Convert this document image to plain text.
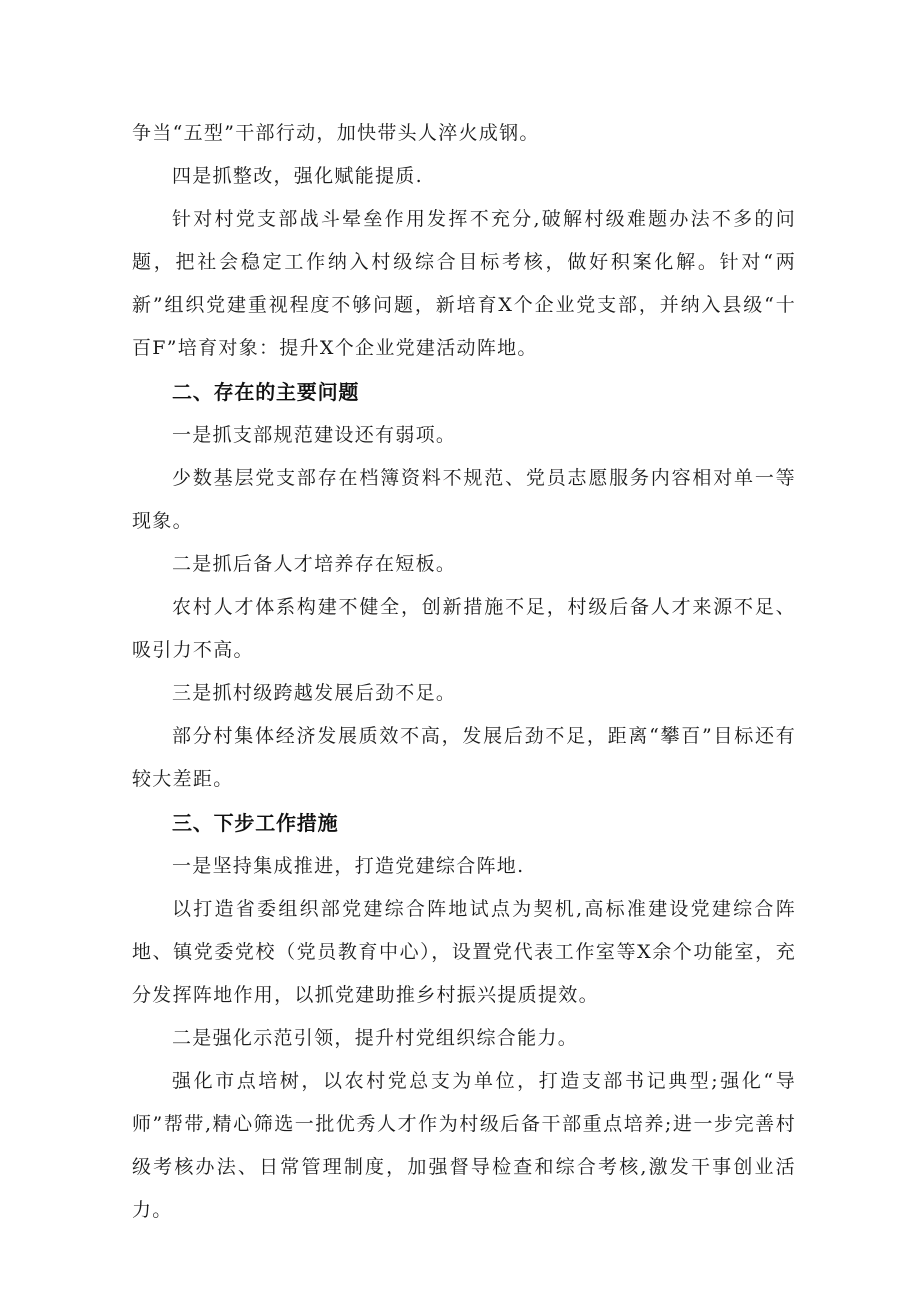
争当“五型”干部行动，加快带头人淬火成钢。

四是抓整改，强化赋能提质.

针对村党支部战斗晕垒作用发挥不充分,破解村级难题办法不多的问题，把社会稳定工作纳入村级综合目标考核，做好积案化解。针对“两新”组织党建重视程度不够问题，新培育X个企业党支部，并纳入县级“十百F”培育对象：提升X个企业党建活动阵地。

二、存在的主要问题

一是抓支部规范建设还有弱项。

少数基层党支部存在档簿资料不规范、党员志愿服务内容相对单一等现象。

二是抓后备人才培养存在短板。

农村人才体系构建不健全，创新措施不足，村级后备人才来源不足、吸引力不高。

三是抓村级跨越发展后劲不足。

部分村集体经济发展质效不高，发展后劲不足，距离“攀百”目标还有较大差距。

三、下步工作措施

一是坚持集成推进，打造党建综合阵地.

以打造省委组织部党建综合阵地试点为契机,高标准建设党建综合阵地、镇党委党校（党员教育中心），设置党代表工作室等X余个功能室，充分发挥阵地作用，以抓党建助推乡村振兴提质提效。

二是强化示范引领，提升村党组织综合能力。

强化市点培树，以农村党总支为单位，打造支部书记典型;强化“导师”帮带,精心筛选一批优秀人才作为村级后备干部重点培养;进一步完善村级考核办法、日常管理制度，加强督导检查和综合考核,激发干事创业活力。
